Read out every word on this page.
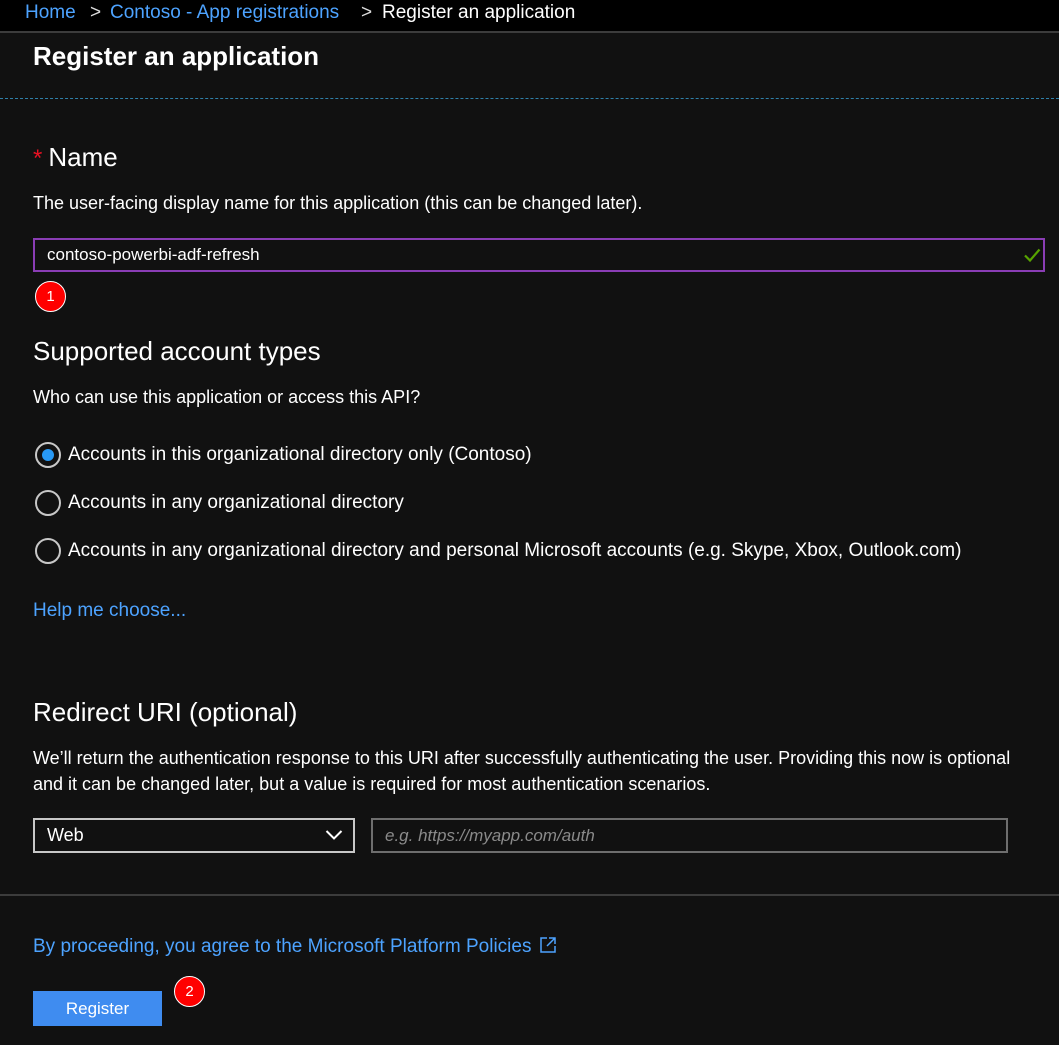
Home > Contoso - App registrations > Register an application
Register an application
* Name
The user-facing display name for this application (this can be changed later).
contoso-powerbi-adf-refresh
1
Supported account types
Who can use this application or access this API?
Accounts in this organizational directory only (Contoso)
Accounts in any organizational directory
Accounts in any organizational directory and personal Microsoft accounts (e.g. Skype, Xbox, Outlook.com)
Help me choose...
Redirect URI (optional)
We’ll return the authentication response to this URI after successfully authenticating the user. Providing this now is optional and it can be changed later, but a value is required for most authentication scenarios.
Web
e.g. https://myapp.com/auth
By proceeding, you agree to the Microsoft Platform Policies
Register
2
